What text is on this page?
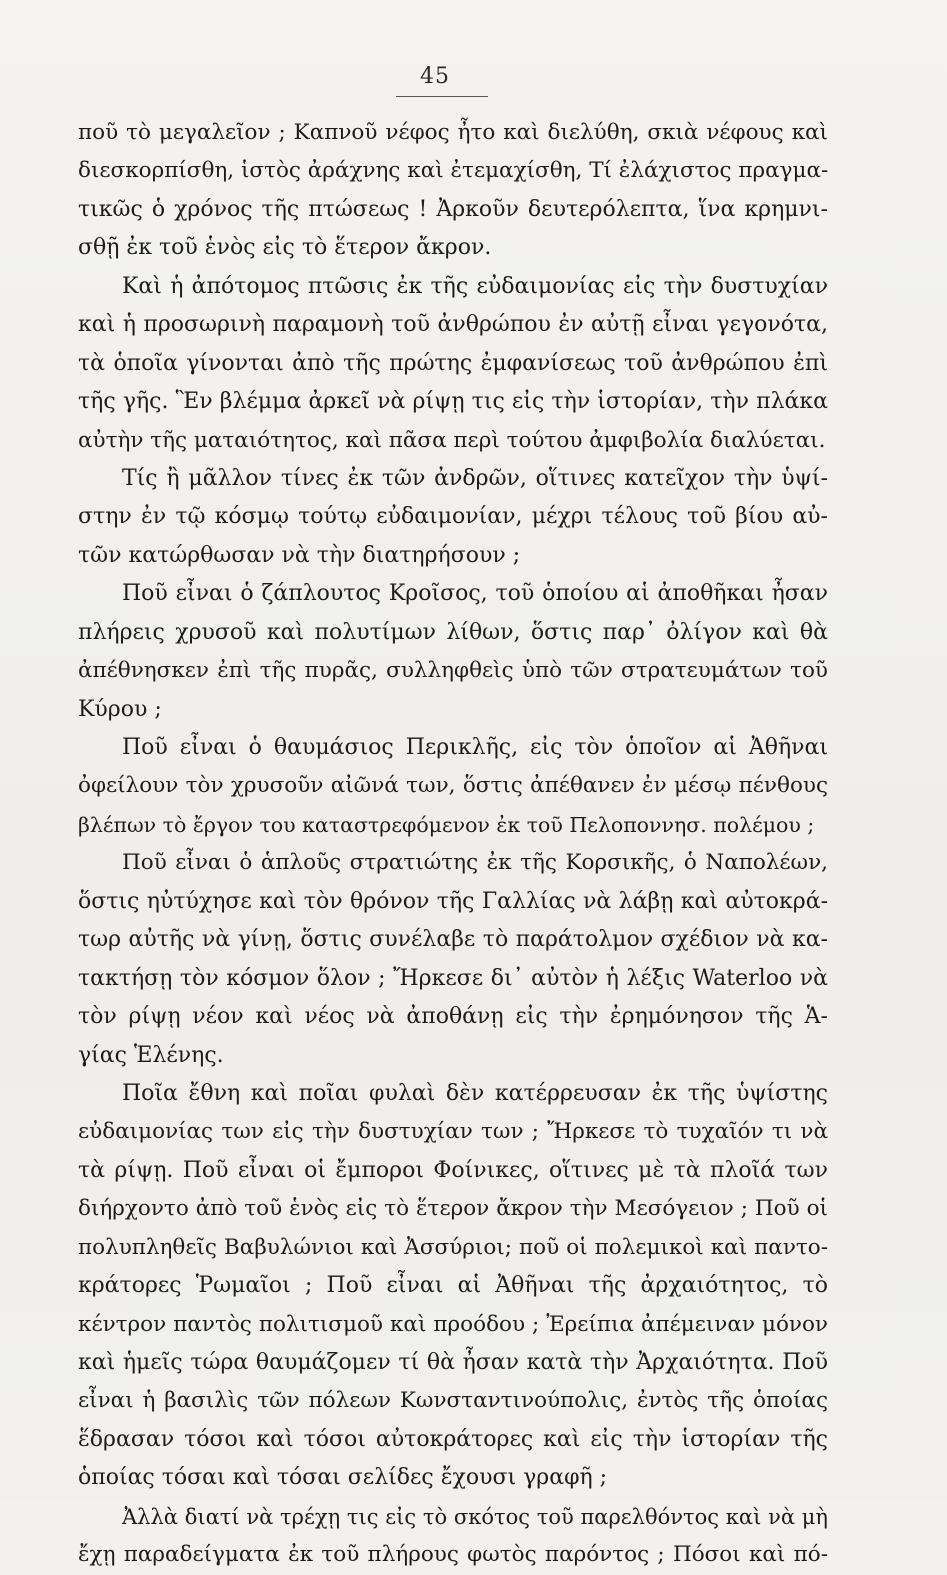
45
ποῦ τὸ μεγαλεῖον ; Καπνοῦ νέφος ἦτο καὶ διελύθη, σκιὰ νέφους καὶ
διεσκορπίσθη, ἱστὸς ἀράχνης καὶ ἐτεμαχίσθη, Τί ἐλάχιστος πραγμα-
τικῶς ὁ χρόνος τῆς πτώσεως ! Ἀρκοῦν δευτερόλεπτα, ἵνα κρημνι-
σθῇ ἐκ τοῦ ἑνὸς εἰς τὸ ἕτερον ἄκρον.
Καὶ ἡ ἀπότομος πτῶσις ἐκ τῆς εὐδαιμονίας εἰς τὴν δυστυχίαν
καὶ ἡ προσωρινὴ παραμονὴ τοῦ ἀνθρώπου ἐν αὐτῇ εἶναι γεγονότα,
τὰ ὁποῖα γίνονται ἀπὸ τῆς πρώτης ἐμφανίσεως τοῦ ἀνθρώπου ἐπὶ
τῆς γῆς. Ἓν βλέμμα ἀρκεῖ νὰ ρίψῃ τις εἰς τὴν ἱστορίαν, τὴν πλάκα
αὐτὴν τῆς ματαιότητος, καὶ πᾶσα περὶ τούτου ἀμφιβολία διαλύεται.
Τίς ἢ μᾶλλον τίνες ἐκ τῶν ἀνδρῶν, οἵτινες κατεῖχον τὴν ὑψί-
στην ἐν τῷ κόσμῳ τούτῳ εὐδαιμονίαν, μέχρι τέλους τοῦ βίου αὐ-
τῶν κατώρθωσαν νὰ τὴν διατηρήσουν ;
Ποῦ εἶναι ὁ ζάπλουτος Κροῖσος, τοῦ ὁποίου αἱ ἀποθῆκαι ἦσαν
πλήρεις χρυσοῦ καὶ πολυτίμων λίθων, ὅστις παρ᾿ ὀλίγον καὶ θὰ
ἀπέθνησκεν ἐπὶ τῆς πυρᾶς, συλληφθεὶς ὑπὸ τῶν στρατευμάτων τοῦ
Κύρου ;
Ποῦ εἶναι ὁ θαυμάσιος Περικλῆς, εἰς τὸν ὁποῖον αἱ Ἀθῆναι
ὀφείλουν τὸν χρυσοῦν αἰῶνά των, ὅστις ἀπέθανεν ἐν μέσῳ πένθους
βλέπων τὸ ἔργον του καταστρεφόμενον ἐκ τοῦ Πελοποννησ. πολέμου ;
Ποῦ εἶναι ὁ ἁπλοῦς στρατιώτης ἐκ τῆς Κορσικῆς, ὁ Ναπολέων,
ὅστις ηὐτύχησε καὶ τὸν θρόνον τῆς Γαλλίας νὰ λάβῃ καὶ αὐτοκρά-
τωρ αὐτῆς νὰ γίνῃ, ὅστις συνέλαβε τὸ παράτολμον σχέδιον νὰ κα-
τακτήσῃ τὸν κόσμον ὅλον ; Ἤρκεσε δι᾿ αὐτὸν ἡ λέξις Waterloo νὰ
τὸν ρίψῃ νέον καὶ νέος νὰ ἀποθάνῃ εἰς τὴν ἐρημόνησον τῆς Ἁ-
γίας Ἑλένης.
Ποῖα ἔθνη καὶ ποῖαι φυλαὶ δὲν κατέρρευσαν ἐκ τῆς ὑψίστης
εὐδαιμονίας των εἰς τὴν δυστυχίαν των ; Ἤρκεσε τὸ τυχαῖόν τι νὰ
τὰ ρίψῃ. Ποῦ εἶναι οἱ ἔμποροι Φοίνικες, οἵτινες μὲ τὰ πλοῖά των
διήρχοντο ἀπὸ τοῦ ἑνὸς εἰς τὸ ἕτερον ἄκρον τὴν Μεσόγειον ; Ποῦ οἱ
πολυπληθεῖς Βαβυλώνιοι καὶ Ἀσσύριοι; ποῦ οἱ πολεμικοὶ καὶ παντο-
κράτορες Ῥωμαῖοι ; Ποῦ εἶναι αἱ Ἀθῆναι τῆς ἀρχαιότητος, τὸ
κέντρον παντὸς πολιτισμοῦ καὶ προόδου ; Ἐρείπια ἀπέμειναν μόνον
καὶ ἡμεῖς τώρα θαυμάζομεν τί θὰ ἦσαν κατὰ τὴν Ἀρχαιότητα. Ποῦ
εἶναι ἡ βασιλὶς τῶν πόλεων Κωνσταντινούπολις, ἐντὸς τῆς ὁποίας
ἕδρασαν τόσοι καὶ τόσοι αὐτοκράτορες καὶ εἰς τὴν ἱστορίαν τῆς
ὁποίας τόσαι καὶ τόσαι σελίδες ἔχουσι γραφῆ ;
Ἀλλὰ διατί νὰ τρέχῃ τις εἰς τὸ σκότος τοῦ παρελθόντος καὶ νὰ μὴ
ἔχῃ παραδείγματα ἐκ τοῦ πλήρους φωτὸς παρόντος ; Πόσοι καὶ πό-
